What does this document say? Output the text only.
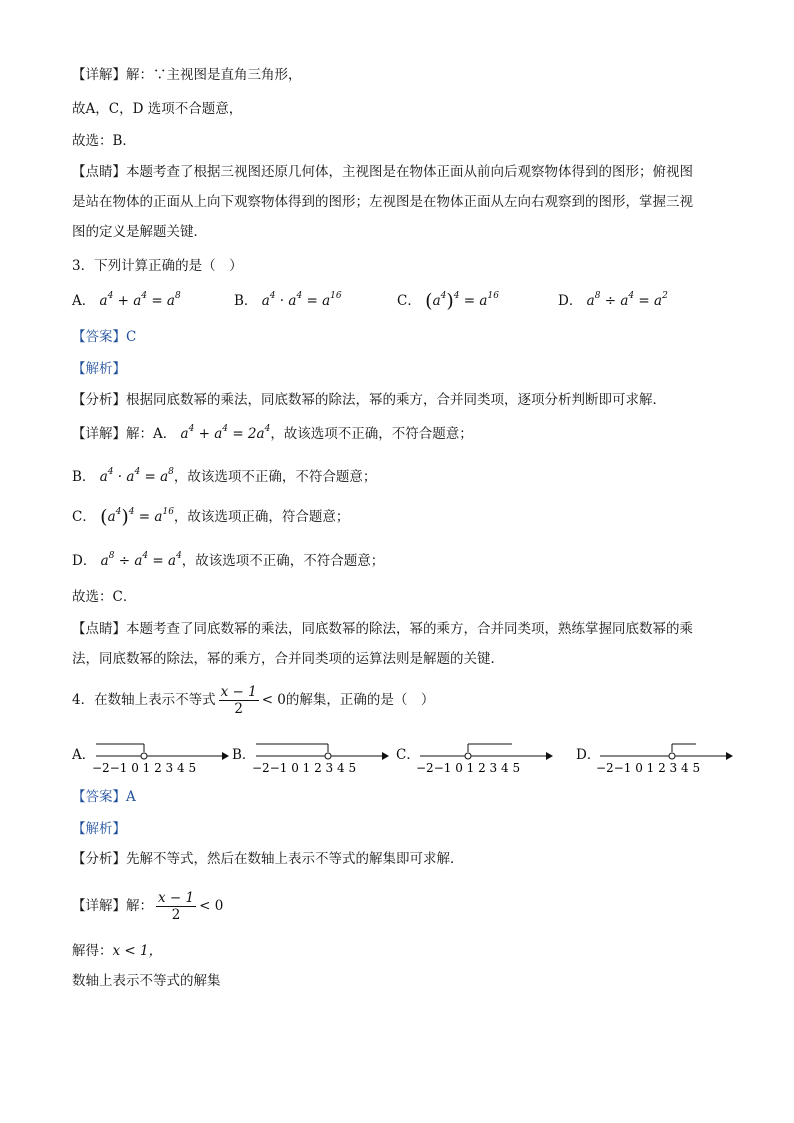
【详解】解：∵主视图是直角三角形，
故A，C，D 选项不合题意，
故选：B．
【点睛】本题考查了根据三视图还原几何体，主视图是在物体正面从前向后观察物体得到的图形；俯视图
是站在物体的正面从上向下观察物体得到的图形；左视图是在物体正面从左向右观察到的图形，掌握三视
图的定义是解题关键．
3．下列计算正确的是（　）
A． $a^4 + a^4 = a^8$	B． $a^4 \cdot a^4 = a^{16}$	C． $(a^4)^4 = a^{16}$	D． $a^8 \div a^4 = a^2$
【答案】C
【解析】
【分析】根据同底数幂的乘法，同底数幂的除法，幂的乘方，合并同类项，逐项分析判断即可求解．
【详解】解：A． $a^4 + a^4 = 2a^4$，故该选项不正确，不符合题意；
B． $a^4 \cdot a^4 = a^8$，故该选项不正确，不符合题意；
C． $(a^4)^4 = a^{16}$，故该选项正确，符合题意；
D． $a^8 \div a^4 = a^4$，故该选项不正确，不符合题意；
故选：C．
【点睛】本题考查了同底数幂的乘法，同底数幂的除法，幂的乘方，合并同类项，熟练掌握同底数幂的乘
法，同底数幂的除法，幂的乘方，合并同类项的运算法则是解题的关键．
4．在数轴上表示不等式 $\frac{x - 1}{2} < 0$的解集，正确的是（　）
A．
−2−1 0 1 2 3 4 5
B．
−2−1 0 1 2 3 4 5
C．
−2−1 0 1 2 3 4 5
D．
−2−1 0 1 2 3 4 5
【答案】A
【解析】
【分析】先解不等式，然后在数轴上表示不等式的解集即可求解．
【详解】解： $\frac{x - 1}{2} < 0$
解得：x < 1，
数轴上表示不等式的解集
